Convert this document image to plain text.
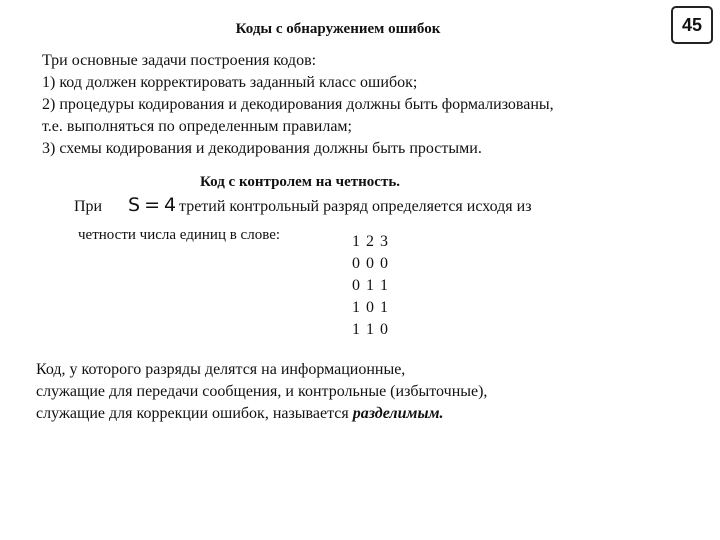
Коды с обнаружением ошибок	45
Три основные задачи построения кодов:
1) код должен корректировать заданный класс ошибок;
2) процедуры кодирования и декодирования должны быть формализованы,
т.е. выполняться по определенным правилам;
3) схемы кодирования и декодирования должны быть простыми.
Код с контролем на четность.
При S = 4 третий контрольный разряд определяется исходя из
четности числа единиц в слове:	1 2 3
0 0 0
0 1 1
1 0 1
1 1 0
Код, у которого разряды делятся на информационные,
служащие для передачи сообщения, и контрольные (избыточные),
служащие для коррекции ошибок, называется разделимым.
